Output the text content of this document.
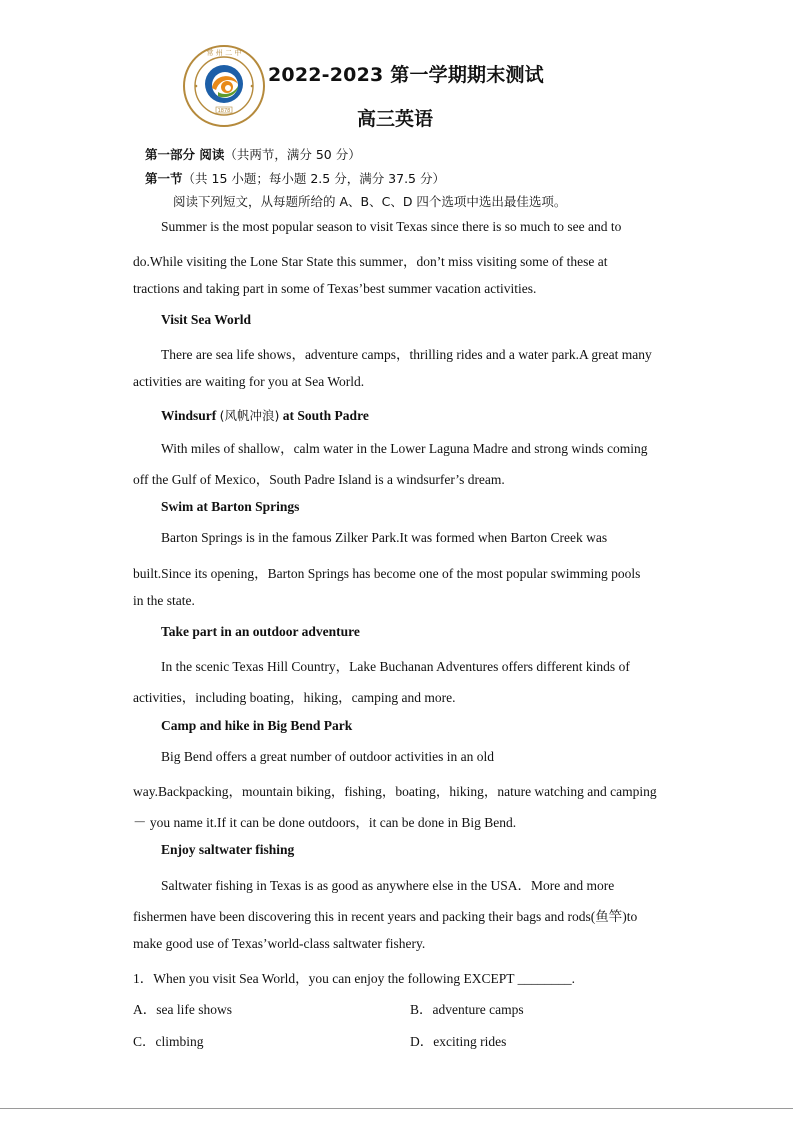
1878
常 州 二 中
2022-2023 第一学期期末测试
高三英语
第一部分 阅读（共两节，满分 50 分）
第一节（共 15 小题；每小题 2.5 分，满分 37.5 分）
阅读下列短文，从每题所给的 A、B、C、D 四个选项中选出最佳选项。
Summer is the most popular season to visit Texas since there is so much to see and to
do.While visiting the Lone Star State this summer，don’t miss visiting some of these at
tractions and taking part in some of Texas’best summer vacation activities.
Visit Sea World
There are sea life shows，adventure camps，thrilling rides and a water park.A great many
activities are waiting for you at Sea World.
Windsurf (风帆冲浪) at South Padre
With miles of shallow，calm water in the Lower Laguna Madre and strong winds coming
off the Gulf of Mexico，South Padre Island is a windsurfer’s dream.
Swim at Barton Springs
Barton Springs is in the famous Zilker Park.It was formed when Barton Creek was
built.Since its opening，Barton Springs has become one of the most popular swimming pools
in the state.
Take part in an outdoor adventure
In the scenic Texas Hill Country，Lake Buchanan Adventures offers different kinds of
activities，including boating，hiking，camping and more.
Camp and hike in Big Bend Park
Big Bend offers a great number of outdoor activities in an old
way.Backpacking，mountain biking，fishing，boating，hiking，nature watching and camping
－ you name it.If it can be done outdoors，it can be done in Big Bend.
Enjoy saltwater fishing
Saltwater fishing in Texas is as good as anywhere else in the USA．More and more
fishermen have been discovering this in recent years and packing their bags and rods(鱼竿)to
make good use of Texas’world-class saltwater fishery.
1．When you visit Sea World，you can enjoy the following EXCEPT ________.
A．sea life shows	B．adventure camps
C．climbing	D．exciting rides
